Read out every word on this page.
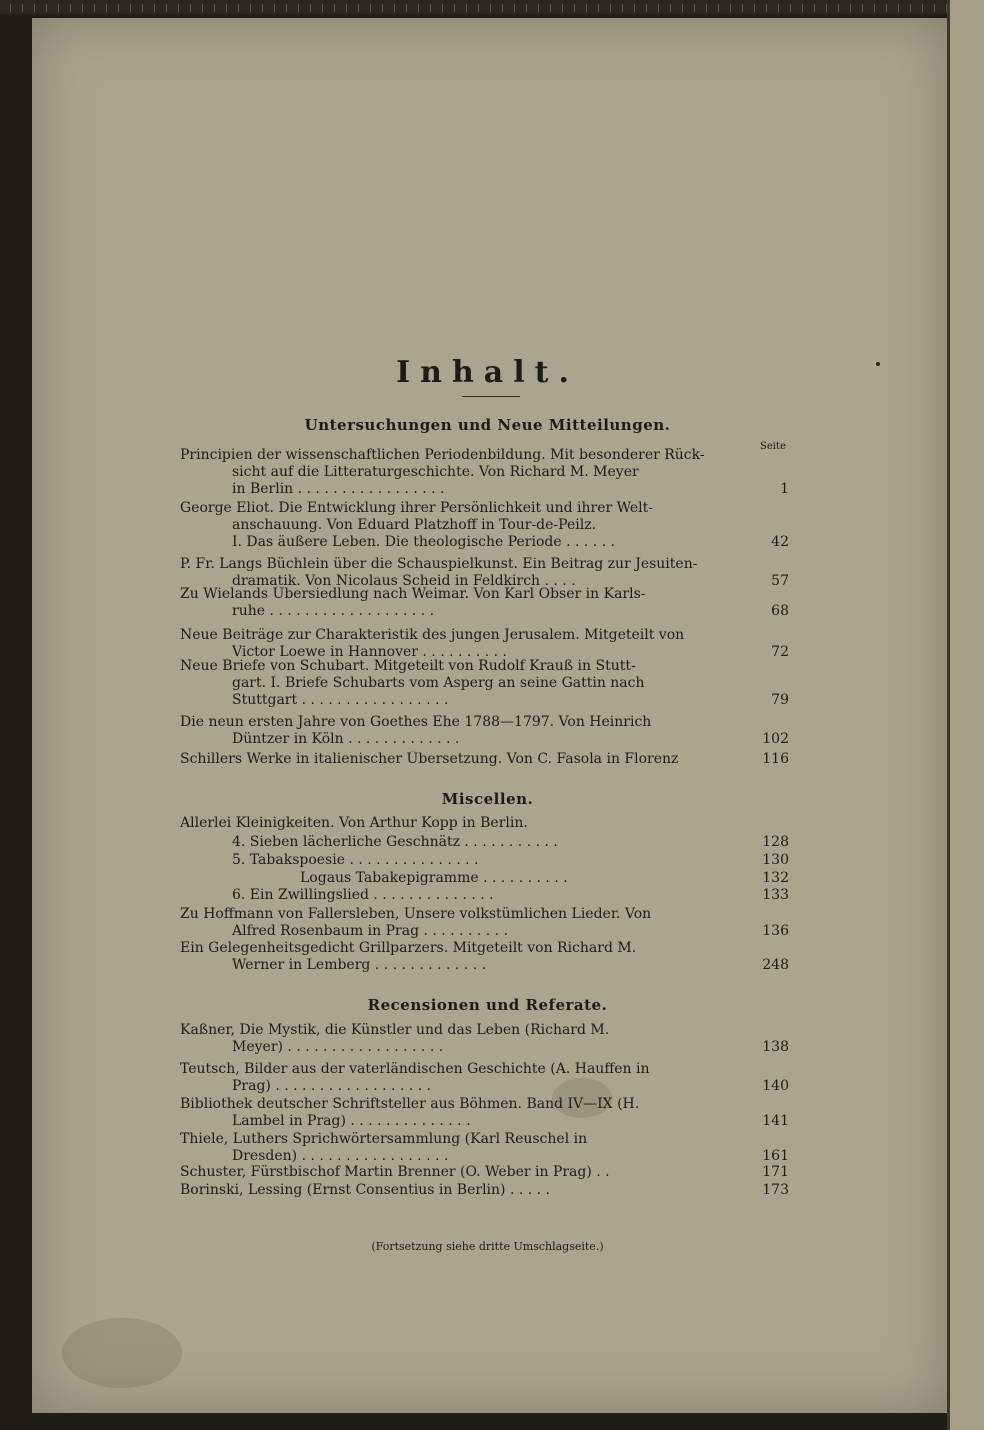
Inhalt.
Untersuchungen und Neue Mitteilungen.
Seite
Miscellen.
Recensionen und Referate.
(Fortsetzung siehe dritte Umschlagseite.)
Principien der wissenschaftlichen Periodenbildung. Mit besonderer Rück-
sicht auf die Litteraturgeschichte. Von Richard M. Meyer
in Berlin . . . . . . . . . . . . . . . . .	1
George Eliot. Die Entwicklung ihrer Persönlichkeit und ihrer Welt-
anschauung. Von Eduard Platzhoff in Tour-de-Peilz.
I. Das äußere Leben. Die theologische Periode . . . . . .	42
P. Fr. Langs Büchlein über die Schauspielkunst. Ein Beitrag zur Jesuiten-
dramatik. Von Nicolaus Scheid in Feldkirch . . . .	57
Zu Wielands Übersiedlung nach Weimar. Von Karl Obser in Karls-
ruhe . . . . . . . . . . . . . . . . . . .	68
Neue Beiträge zur Charakteristik des jungen Jerusalem. Mitgeteilt von
Victor Loewe in Hannover . . . . . . . . . .	72
Neue Briefe von Schubart. Mitgeteilt von Rudolf Krauß in Stutt-
gart. I. Briefe Schubarts vom Asperg an seine Gattin nach
Stuttgart . . . . . . . . . . . . . . . . .	79
Die neun ersten Jahre von Goethes Ehe 1788—1797. Von Heinrich
Düntzer in Köln . . . . . . . . . . . . .	102
Schillers Werke in italienischer Übersetzung. Von C. Fasola in Florenz	116
Allerlei Kleinigkeiten. Von Arthur Kopp in Berlin.
4. Sieben lächerliche Geschnätz . . . . . . . . . . .	128
5. Tabakspoesie . . . . . . . . . . . . . . .	130
Logaus Tabakepigramme . . . . . . . . . .	132
6. Ein Zwillingslied . . . . . . . . . . . . . .	133
Zu Hoffmann von Fallersleben, Unsere volkstümlichen Lieder. Von
Alfred Rosenbaum in Prag . . . . . . . . . .	136
Ein Gelegenheitsgedicht Grillparzers. Mitgeteilt von Richard M.
Werner in Lemberg . . . . . . . . . . . . .	248
Kaßner, Die Mystik, die Künstler und das Leben (Richard M.
Meyer) . . . . . . . . . . . . . . . . . .	138
Teutsch, Bilder aus der vaterländischen Geschichte (A. Hauffen in
Prag) . . . . . . . . . . . . . . . . . .	140
Bibliothek deutscher Schriftsteller aus Böhmen. Band IV—IX (H.
Lambel in Prag) . . . . . . . . . . . . . .	141
Thiele, Luthers Sprichwörtersammlung (Karl Reuschel in
Dresden) . . . . . . . . . . . . . . . . .	161
Schuster, Fürstbischof Martin Brenner (O. Weber in Prag) . .	171
Borinski, Lessing (Ernst Consentius in Berlin) . . . . .	173
